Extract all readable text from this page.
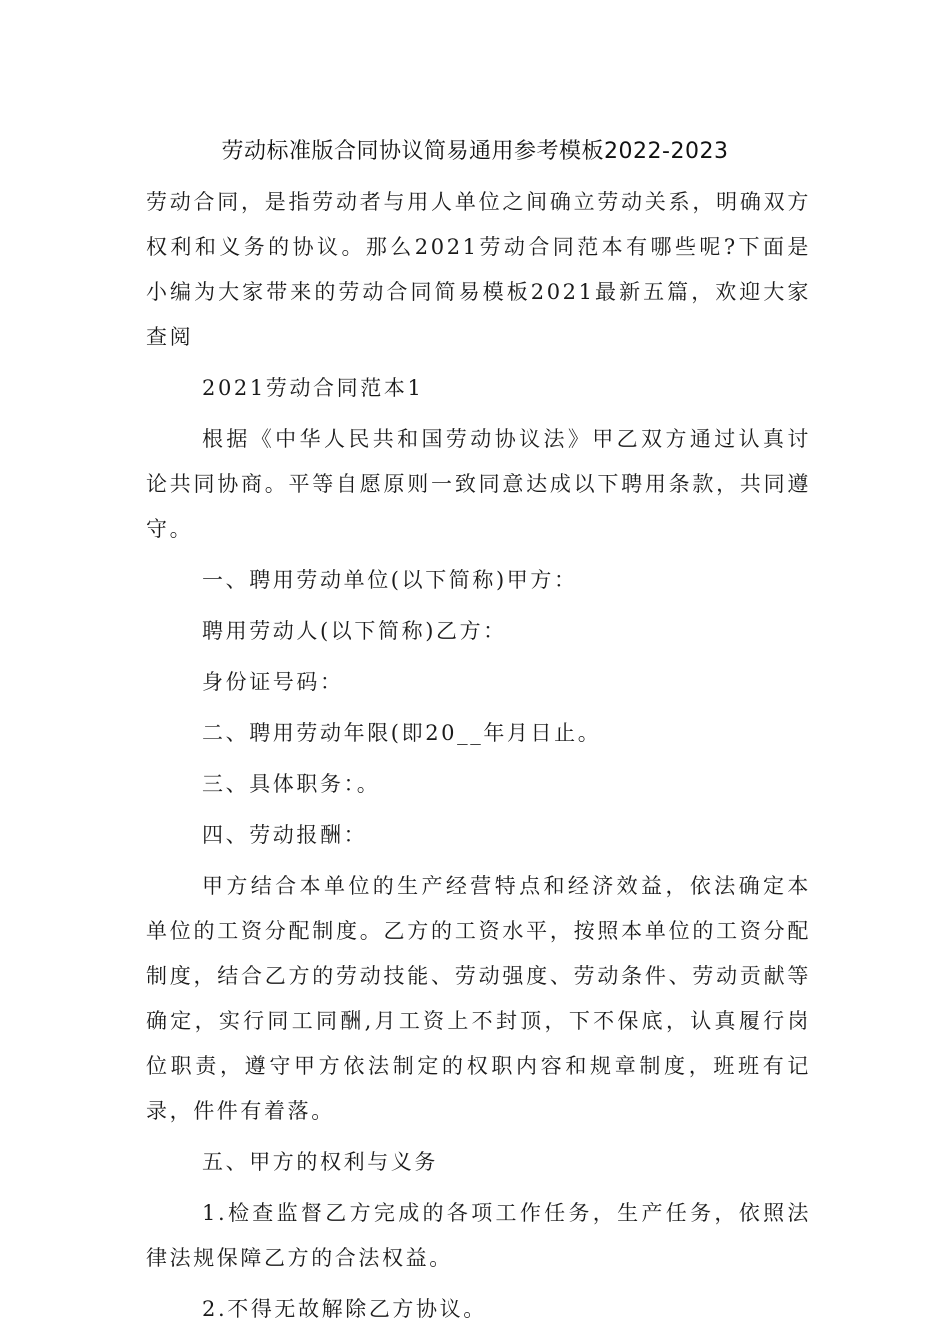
劳动标准版合同协议简易通用参考模板2022-2023

劳动合同，是指劳动者与用人单位之间确立劳动关系，明确双方权利和义务的协议。那么2021劳动合同范本有哪些呢?下面是小编为大家带来的劳动合同简易模板2021最新五篇，欢迎大家查阅

2021劳动合同范本1

根据《中华人民共和国劳动协议法》甲乙双方通过认真讨论共同协商。平等自愿原则一致同意达成以下聘用条款，共同遵守。

一、聘用劳动单位(以下简称)甲方：

聘用劳动人(以下简称)乙方：

身份证号码：

二、聘用劳动年限(即20__年月日止。

三、具体职务：。

四、劳动报酬：

甲方结合本单位的生产经营特点和经济效益，依法确定本单位的工资分配制度。乙方的工资水平，按照本单位的工资分配制度，结合乙方的劳动技能、劳动强度、劳动条件、劳动贡献等确定，实行同工同酬,月工资上不封顶，下不保底，认真履行岗位职责，遵守甲方依法制定的权职内容和规章制度，班班有记录，件件有着落。

五、甲方的权利与义务

1.检查监督乙方完成的各项工作任务，生产任务，依照法律法规保障乙方的合法权益。

2.不得无故解除乙方协议。
